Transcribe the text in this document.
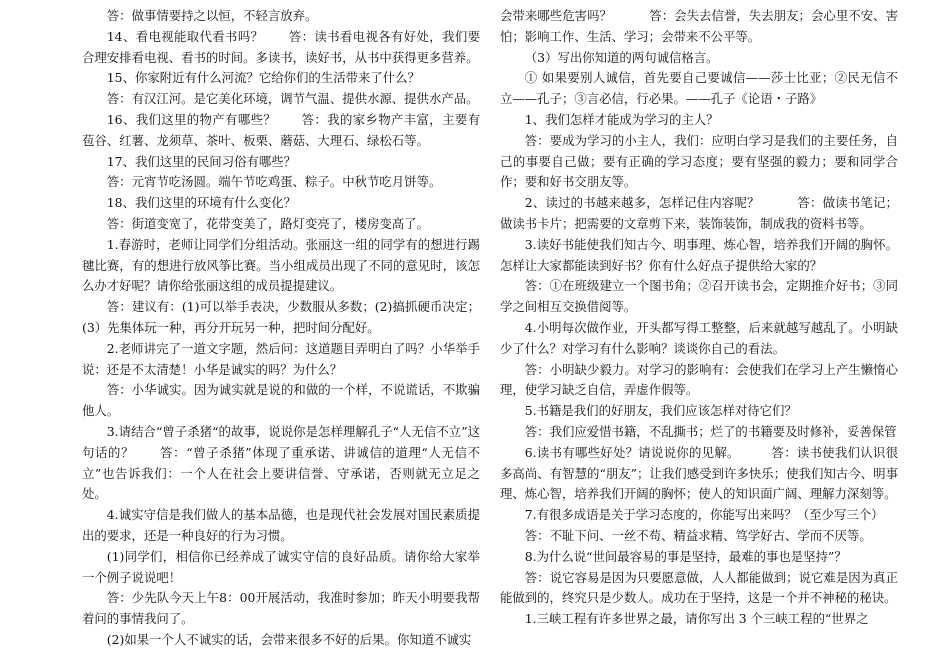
答：做事情要持之以恒，不轻言放弃。

14、看电视能取代看书吗？　　答：读书看电视各有好处，我们要合理安排看电视、看书的时间。多读书，读好书，从书中获得更多营养。

15、你家附近有什么河流？它给你们的生活带来了什么？

答：有汉江河。是它美化环境，调节气温、提供水源、提供水产品。

16、我们这里的物产有哪些？　　答：我的家乡物产丰富，主要有苞谷、红薯、龙须草、茶叶、板栗、蘑菇、大理石、绿松石等。

17、我们这里的民间习俗有哪些？

答：元宵节吃汤圆。端午节吃鸡蛋、粽子。中秋节吃月饼等。

18、我们这里的环境有什么变化？

答：街道变宽了，花带变美了，路灯变亮了，楼房变高了。

1.春游时，老师让同学们分组活动。张丽这一组的同学有的想进行踢毽比赛，有的想进行放风筝比赛。当小组成员出现了不同的意见时，该怎么办才好呢？请你给张丽这组的成员提提建议。

答：建议有：(1)可以举手表决，少数服从多数；(2)搞抓硬币决定；(3）先集体玩一种，再分开玩另一种，把时间分配好。

2.老师讲完了一道文字题，然后问：这道题目弄明白了吗？小华举手说：还是不太清楚！小华是诚实的吗？为什么？

答：小华诚实。因为诚实就是说的和做的一个样，不说谎话，不欺骗他人。

3.请结合“曾子杀猪“的故事，说说你是怎样理解孔子“人无信不立”这句话的？　　答：“曾子杀猪”体现了重承诺、讲诚信的道理“人无信不立”也告诉我们：一个人在社会上要讲信誉、守承诺，否则就无立足之处。

4.诚实守信是我们做人的基本品德，也是现代社会发展对国民素质提出的要求，还是一种良好的行为习惯。

(1)同学们，相信你已经养成了诚实守信的良好品质。请你给大家举一个例子说说吧！

答：少先队今天上午8：00开展活动，我准时参加；昨天小明要我帮着问的事情我问了。

(2)如果一个人不诚实的话，会带来很多不好的后果。你知道不诚实

会带来哪些危害吗？　　　答：会失去信誉，失去朋友；会心里不安、害怕；影响工作、生活、学习；会带来不公平等。

（3）写出你知道的两句诚信格言。

① 如果要别人诚信，首先要自己要诚信——莎士比亚；②民无信不立——孔子；③言必信，行必果。——孔子《论语・子路》

1、我们怎样才能成为学习的主人？

答：要成为学习的小主人，我们：应明白学习是我们的主要任务，自己的事要自己做；要有正确的学习态度；要有坚强的毅力；要和同学合作；要和好书交朋友等。

2、读过的书越来越多，怎样记住内容呢？　　　答：做读书笔记；做读书卡片；把需要的文章剪下来，装饰装饰，制成我的资料书等。

3.读好书能使我们知古今、明事理、炼心智，培养我们开阔的胸怀。怎样让大家都能读到好书？你有什么好点子提供给大家的？

答：①在班级建立一个图书角；②召开读书会，定期推介好书；③同学之间相互交换借阅等。

4.小明每次做作业，开头都写得工整整，后来就越写越乱了。小明缺少了什么？对学习有什么影响？谈谈你自己的看法。

答：小明缺少毅力。对学习的影响有：会使我们在学习上产生懒惰心理，使学习缺乏自信，弄虚作假等。

5.书籍是我们的好朋友，我们应该怎样对待它们？

答：我们应爱惜书籍，不乱撕书；烂了的书籍要及时修补，妥善保管

6.读书有哪些好处？请说说你的见解。　　　答：读书使我们认识很多高尚、有智慧的“朋友”；让我们感受到许多快乐；使我们知古今、明事理、炼心智，培养我们开阔的胸怀；使人的知识面广阔、理解力深刻等。

7.有很多成语是关于学习态度的，你能写出来吗？（至少写三个）

答：不耻下问、一丝不苟、精益求精、笃学好古、学而不厌等。

8.为什么说“世间最容易的事是坚持，最难的事也是坚持”？

答：说它容易是因为只要愿意做，人人都能做到；说它难是因为真正能做到的，终究只是少数人。成功在于坚持，这是一个并不神秘的秘诀。

1.三峡工程有许多世界之最，请你写出 3 个三峡工程的“世界之
